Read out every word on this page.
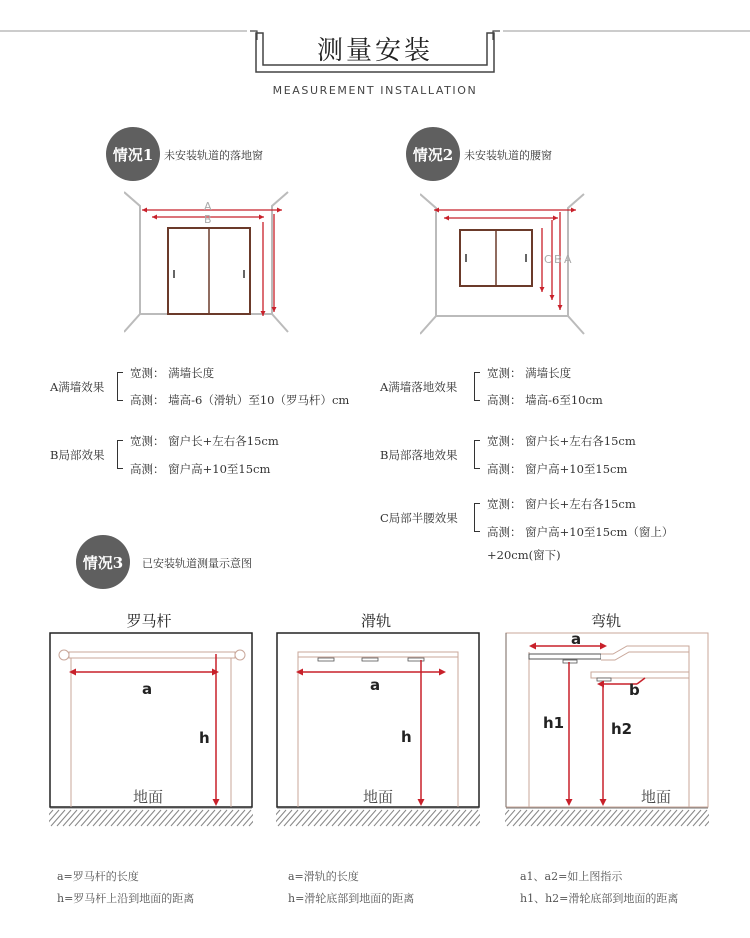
测量安装
MEASUREMENT INSTALLATION
情况1 未安装轨道的落地窗
A
B
情况2 未安装轨道的腰窗
A
B
C
A满墙效果
宽测： 满墙长度
高测： 墙高-6（滑轨）至10（罗马杆）cm
B局部效果
宽测： 窗户长+左右各15cm
高测： 窗户高+10至15cm
A满墙落地效果
宽测： 满墙长度
高测： 墙高-6至10cm
B局部落地效果
宽测： 窗户长+左右各15cm
高测： 窗户高+10至15cm
C局部半腰效果
宽测： 窗户长+左右各15cm
高测： 窗户高+10至15cm（窗上）
+20cm(窗下)
情况3	已安装轨道测量示意图
罗马杆	滑轨	弯轨
a
h
地面
a
h
地面
a
b
h1	h2
地面
a=罗马杆的长度
h=罗马杆上沿到地面的距离
a=滑轨的长度
h=滑轮底部到地面的距离
a1、a2=如上图指示
h1、h2=滑轮底部到地面的距离
